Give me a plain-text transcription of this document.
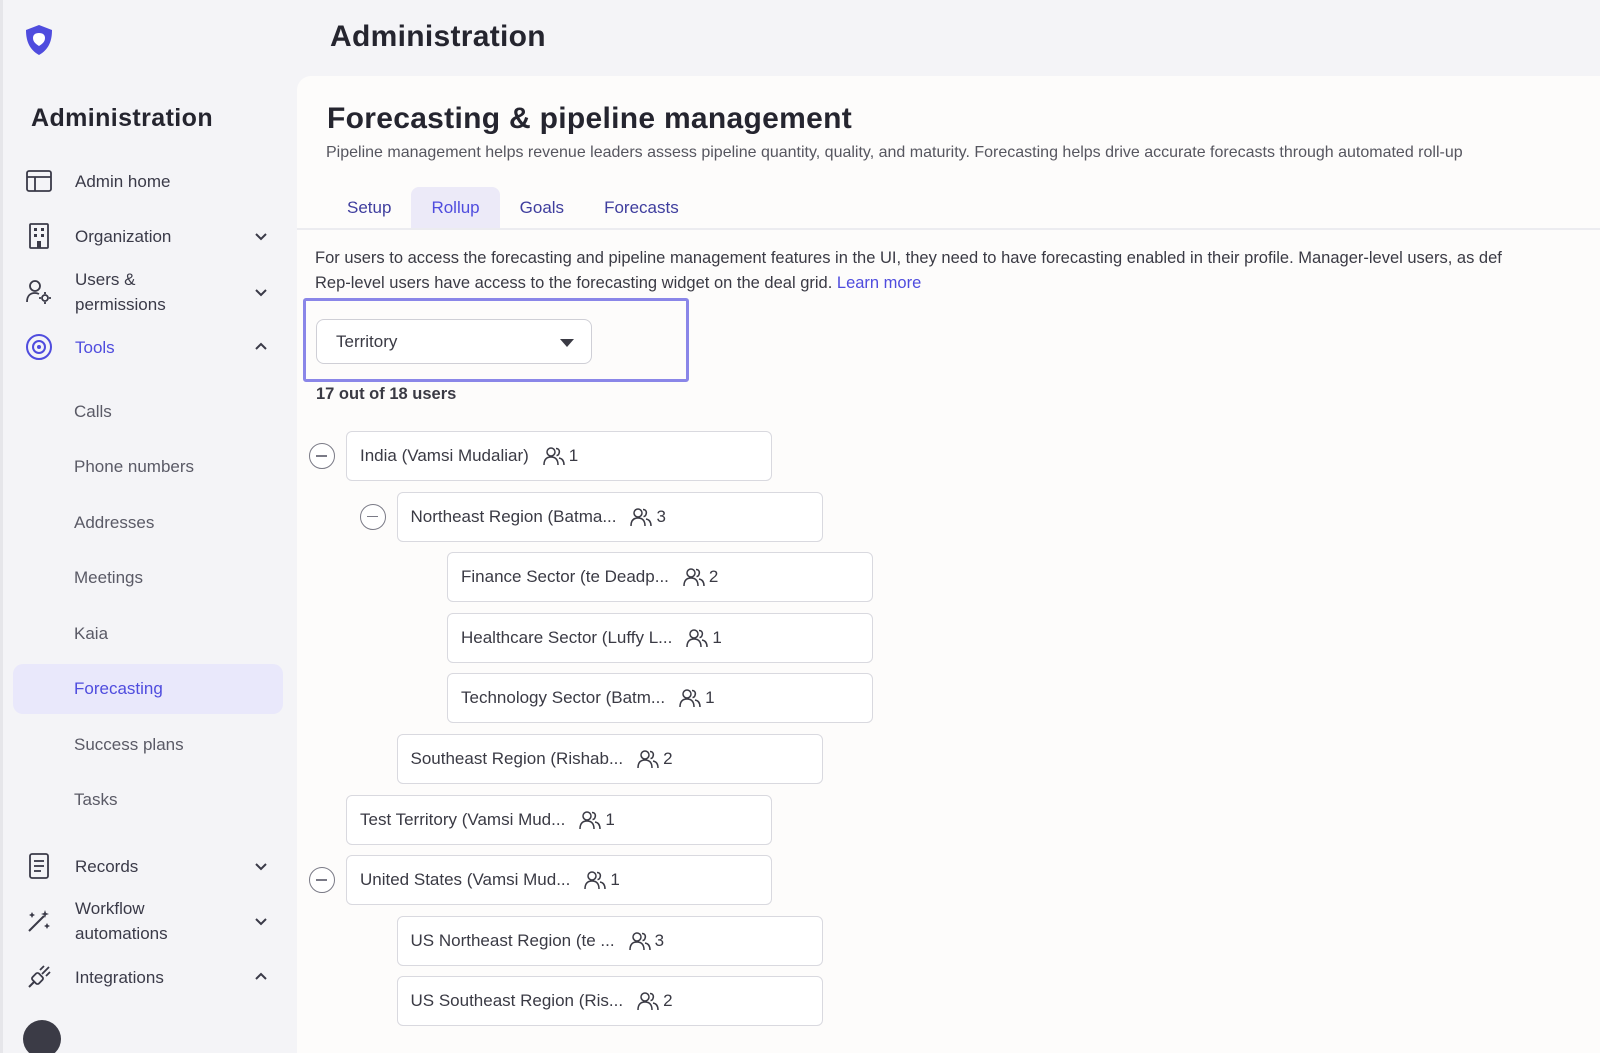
Administration
Admin home
Organization
Users & permissions
Tools
Calls
Phone numbers
Addresses
Meetings
Kaia
Forecasting
Success plans
Tasks
Records
Workflow automations
Integrations
Administration
Forecasting & pipeline management
Pipeline management helps revenue leaders assess pipeline quantity, quality, and maturity. Forecasting helps drive accurate forecasts through automated roll-up
Setup	Rollup	Goals	Forecasts
For users to access the forecasting and pipeline management features in the UI, they need to have forecasting enabled in their profile. Manager-level users, as def
Rep-level users have access to the forecasting widget on the deal grid. Learn more
Territory
17 out of 18 users
India (Vamsi Mudaliar) 1
Northeast Region (Batma... 3
Finance Sector (te Deadp... 2
Healthcare Sector (Luffy L... 1
Technology Sector (Batm... 1
Southeast Region (Rishab... 2
Test Territory (Vamsi Mud... 1
United States (Vamsi Mud... 1
US Northeast Region (te ... 3
US Southeast Region (Ris... 2
